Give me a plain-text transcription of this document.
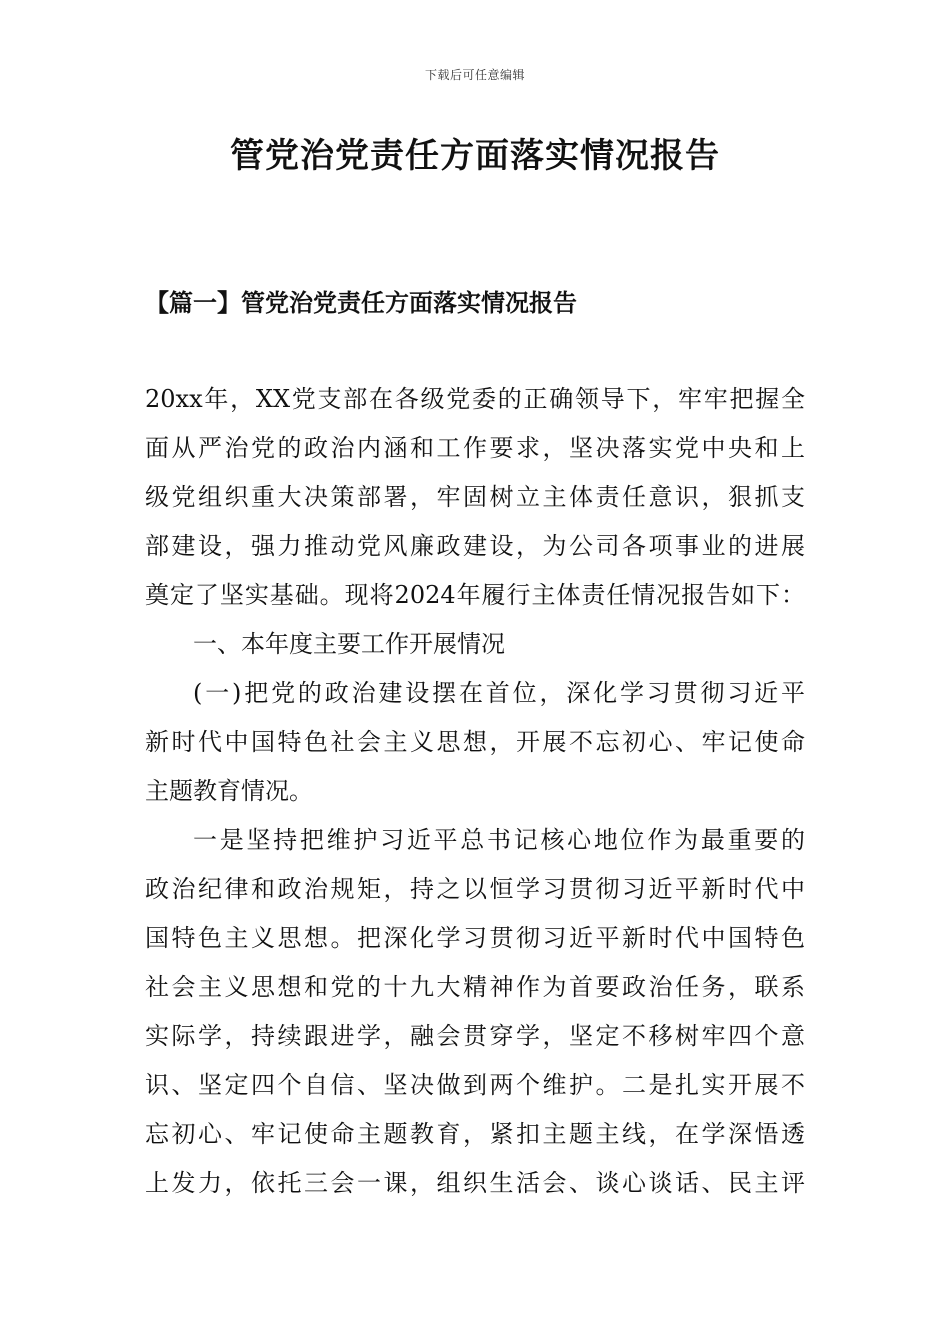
下载后可任意编辑
管党治党责任方面落实情况报告
【篇一】管党治党责任方面落实情况报告
20xx年，XX党支部在各级党委的正确领导下，牢牢把握全
面从严治党的政治内涵和工作要求，坚决落实党中央和上
级党组织重大决策部署，牢固树立主体责任意识，狠抓支
部建设，强力推动党风廉政建设，为公司各项事业的进展
奠定了坚实基础。现将2024年履行主体责任情况报告如下：
一、本年度主要工作开展情况
(一)把党的政治建设摆在首位，深化学习贯彻习近平
新时代中国特色社会主义思想，开展不忘初心、牢记使命
主题教育情况。
一是坚持把维护习近平总书记核心地位作为最重要的
政治纪律和政治规矩，持之以恒学习贯彻习近平新时代中
国特色主义思想。把深化学习贯彻习近平新时代中国特色
社会主义思想和党的十九大精神作为首要政治任务，联系
实际学，持续跟进学，融会贯穿学，坚定不移树牢四个意
识、坚定四个自信、坚决做到两个维护。二是扎实开展不
忘初心、牢记使命主题教育，紧扣主题主线，在学深悟透
上发力，依托三会一课，组织生活会、谈心谈话、民主评
